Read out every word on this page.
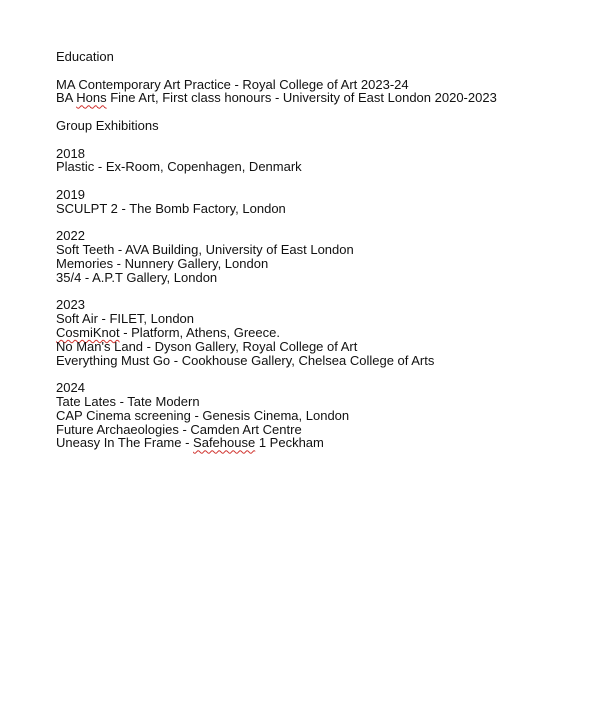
Education
MA Contemporary Art Practice - Royal College of Art 2023-24
BA Hons Fine Art, First class honours - University of East London 2020-2023
Group Exhibitions
2018
Plastic - Ex-Room, Copenhagen, Denmark
2019
SCULPT 2 - The Bomb Factory, London
2022
Soft Teeth - AVA Building, University of East London
Memories - Nunnery Gallery, London
35/4 - A.P.T Gallery, London
2023
Soft Air - FILET, London
CosmiKnot - Platform, Athens, Greece.
No Man's Land - Dyson Gallery, Royal College of Art
Everything Must Go - Cookhouse Gallery, Chelsea College of Arts
2024
Tate Lates - Tate Modern
CAP Cinema screening - Genesis Cinema, London
Future Archaeologies - Camden Art Centre
Uneasy In The Frame - Safehouse 1 Peckham
